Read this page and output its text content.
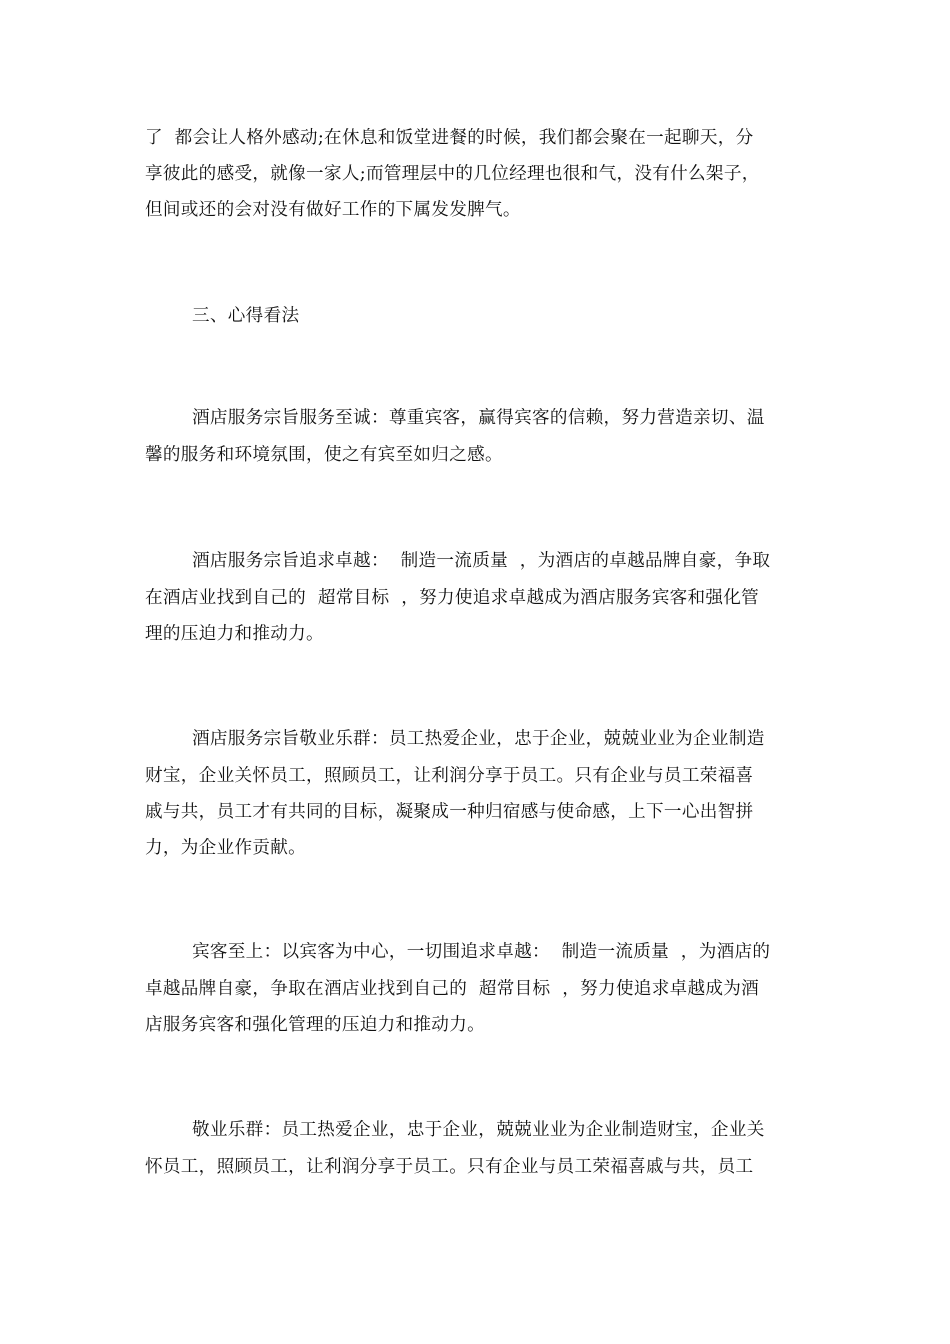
了  都会让人格外感动;在休息和饭堂进餐的时候，我们都会聚在一起聊天，分
享彼此的感受，就像一家人;而管理层中的几位经理也很和气，没有什么架子，
但间或还的会对没有做好工作的下属发发脾气。
三、心得看法
酒店服务宗旨服务至诚：尊重宾客，赢得宾客的信赖，努力营造亲切、温
馨的服务和环境氛围，使之有宾至如归之感。
酒店服务宗旨追求卓越：  制造一流质量  ，为酒店的卓越品牌自豪，争取
在酒店业找到自己的  超常目标  ，努力使追求卓越成为酒店服务宾客和强化管
理的压迫力和推动力。
酒店服务宗旨敬业乐群：员工热爱企业，忠于企业，兢兢业业为企业制造
财宝，企业关怀员工，照顾员工，让利润分享于员工。只有企业与员工荣福喜
戚与共，员工才有共同的目标，凝聚成一种归宿感与使命感，上下一心出智拼
力，为企业作贡献。
宾客至上：以宾客为中心，一切围追求卓越：  制造一流质量  ，为酒店的
卓越品牌自豪，争取在酒店业找到自己的  超常目标  ，努力使追求卓越成为酒
店服务宾客和强化管理的压迫力和推动力。
敬业乐群：员工热爱企业，忠于企业，兢兢业业为企业制造财宝，企业关
怀员工，照顾员工，让利润分享于员工。只有企业与员工荣福喜戚与共，员工
